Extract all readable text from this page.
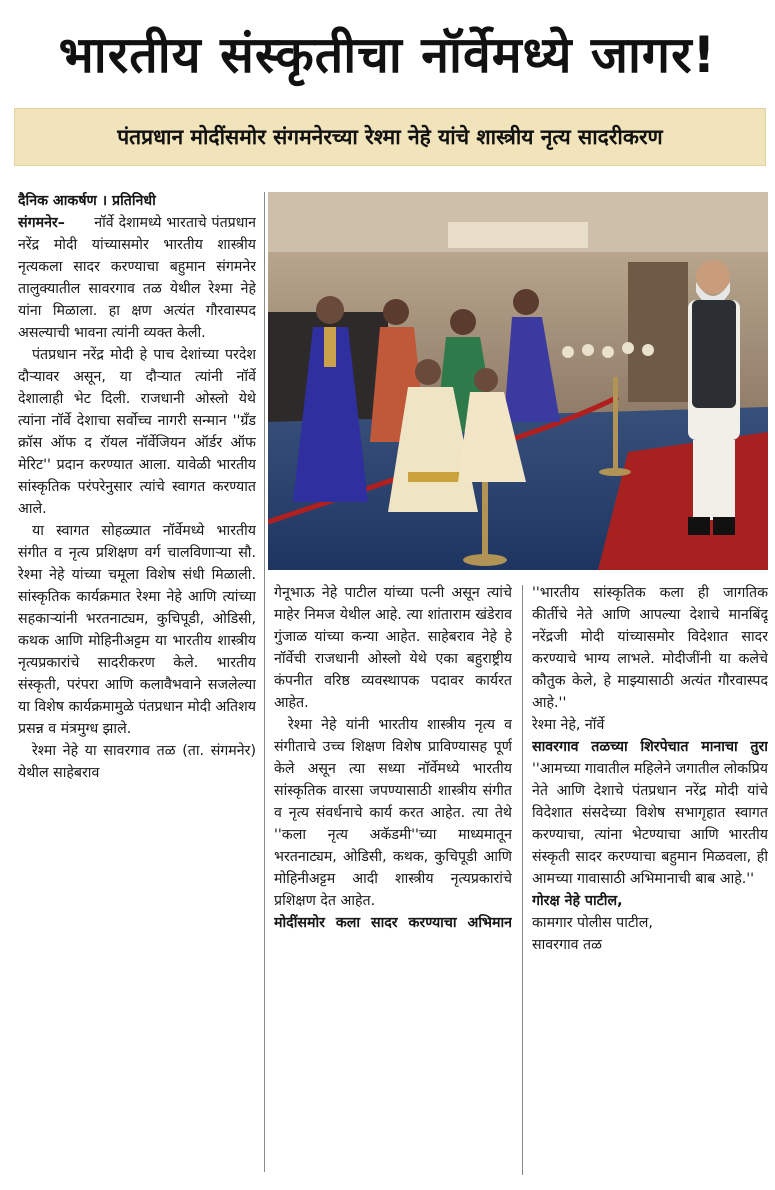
भारतीय संस्कृतीचा नॉर्वेमध्ये जागर!
पंतप्रधान मोदींसमोर संगमनेरच्या रेश्मा नेहे यांचे शास्त्रीय नृत्य सादरीकरण

दैनिक आकर्षण । प्रतिनिधी

संगमनेर– नॉर्वे देशामध्ये भारताचे पंतप्रधान नरेंद्र मोदी यांच्यासमोर भारतीय शास्त्रीय नृत्यकला सादर करण्याचा बहुमान संगमनेर तालुक्यातील सावरगाव तळ येथील रेश्मा नेहे यांना मिळाला. हा क्षण अत्यंत गौरवास्पद असल्याची भावना त्यांनी व्यक्त केली.

पंतप्रधान नरेंद्र मोदी हे पाच देशांच्या परदेश दौऱ्यावर असून, या दौऱ्यात त्यांनी नॉर्वे देशालाही भेट दिली. राजधानी ओस्लो येथे त्यांना नॉर्वे देशाचा सर्वोच्च नागरी सन्मान ''ग्रँड क्रॉस ऑफ द रॉयल नॉर्वेजियन ऑर्डर ऑफ मेरिट'' प्रदान करण्यात आला. यावेळी भारतीय सांस्कृतिक परंपरेनुसार त्यांचे स्वागत करण्यात आले.

या स्वागत सोहळ्यात नॉर्वेमध्ये भारतीय संगीत व नृत्य प्रशिक्षण वर्ग चालविणाऱ्या सौ. रेश्मा नेहे यांच्या चमूला विशेष संधी मिळाली. सांस्कृतिक कार्यक्रमात रेश्मा नेहे आणि त्यांच्या सहकाऱ्यांनी भरतनाट्यम, कुचिपूडी, ओडिसी, कथक आणि मोहिनीअट्टम या भारतीय शास्त्रीय नृत्यप्रकारांचे सादरीकरण केले. भारतीय संस्कृती, परंपरा आणि कलावैभवाने सजलेल्या या विशेष कार्यक्रमामुळे पंतप्रधान मोदी अतिशय प्रसन्न व मंत्रमुग्ध झाले.

रेश्मा नेहे या सावरगाव तळ (ता. संगमनेर) येथील साहेबराव

गेनूभाऊ नेहे पाटील यांच्या पत्नी असून त्यांचे माहेर निमज येथील आहे. त्या शांताराम खंडेराव गुंजाळ यांच्या कन्या आहेत. साहेबराव नेहे हे नॉर्वेची राजधानी ओस्लो येथे एका बहुराष्ट्रीय कंपनीत वरिष्ठ व्यवस्थापक पदावर कार्यरत आहेत.

रेश्मा नेहे यांनी भारतीय शास्त्रीय नृत्य व संगीताचे उच्च शिक्षण विशेष प्राविण्यासह पूर्ण केले असून त्या सध्या नॉर्वेमध्ये भारतीय सांस्कृतिक वारसा जपण्यासाठी शास्त्रीय संगीत व नृत्य संवर्धनाचे कार्य करत आहेत. त्या तेथे ''कला नृत्य अकॅडमी''च्या माध्यमातून भरतनाट्यम, ओडिसी, कथक, कुचिपूडी आणि मोहिनीअट्टम आदी शास्त्रीय नृत्यप्रकारांचे प्रशिक्षण देत आहेत.

मोदींसमोर कला सादर करण्याचा अभिमान

''भारतीय सांस्कृतिक कला ही जागतिक कीर्तीचे नेते आणि आपल्या देशाचे मानबिंदू नरेंद्रजी मोदी यांच्यासमोर विदेशात सादर करण्याचे भाग्य लाभले. मोदीजींनी या कलेचे कौतुक केले, हे माझ्यासाठी अत्यंत गौरवास्पद आहे.''

रेश्मा नेहे, नॉर्वे

सावरगाव तळच्या शिरपेचात मानाचा तुरा

''आमच्या गावातील महिलेने जगातील लोकप्रिय नेते आणि देशाचे पंतप्रधान नरेंद्र मोदी यांचे विदेशात संसदेच्या विशेष सभागृहात स्वागत करण्याचा, त्यांना भेटण्याचा आणि भारतीय संस्कृती सादर करण्याचा बहुमान मिळवला, ही आमच्या गावासाठी अभिमानाची बाब आहे.''

गोरक्ष नेहे पाटील,

कामगार पोलीस पाटील,

सावरगाव तळ
